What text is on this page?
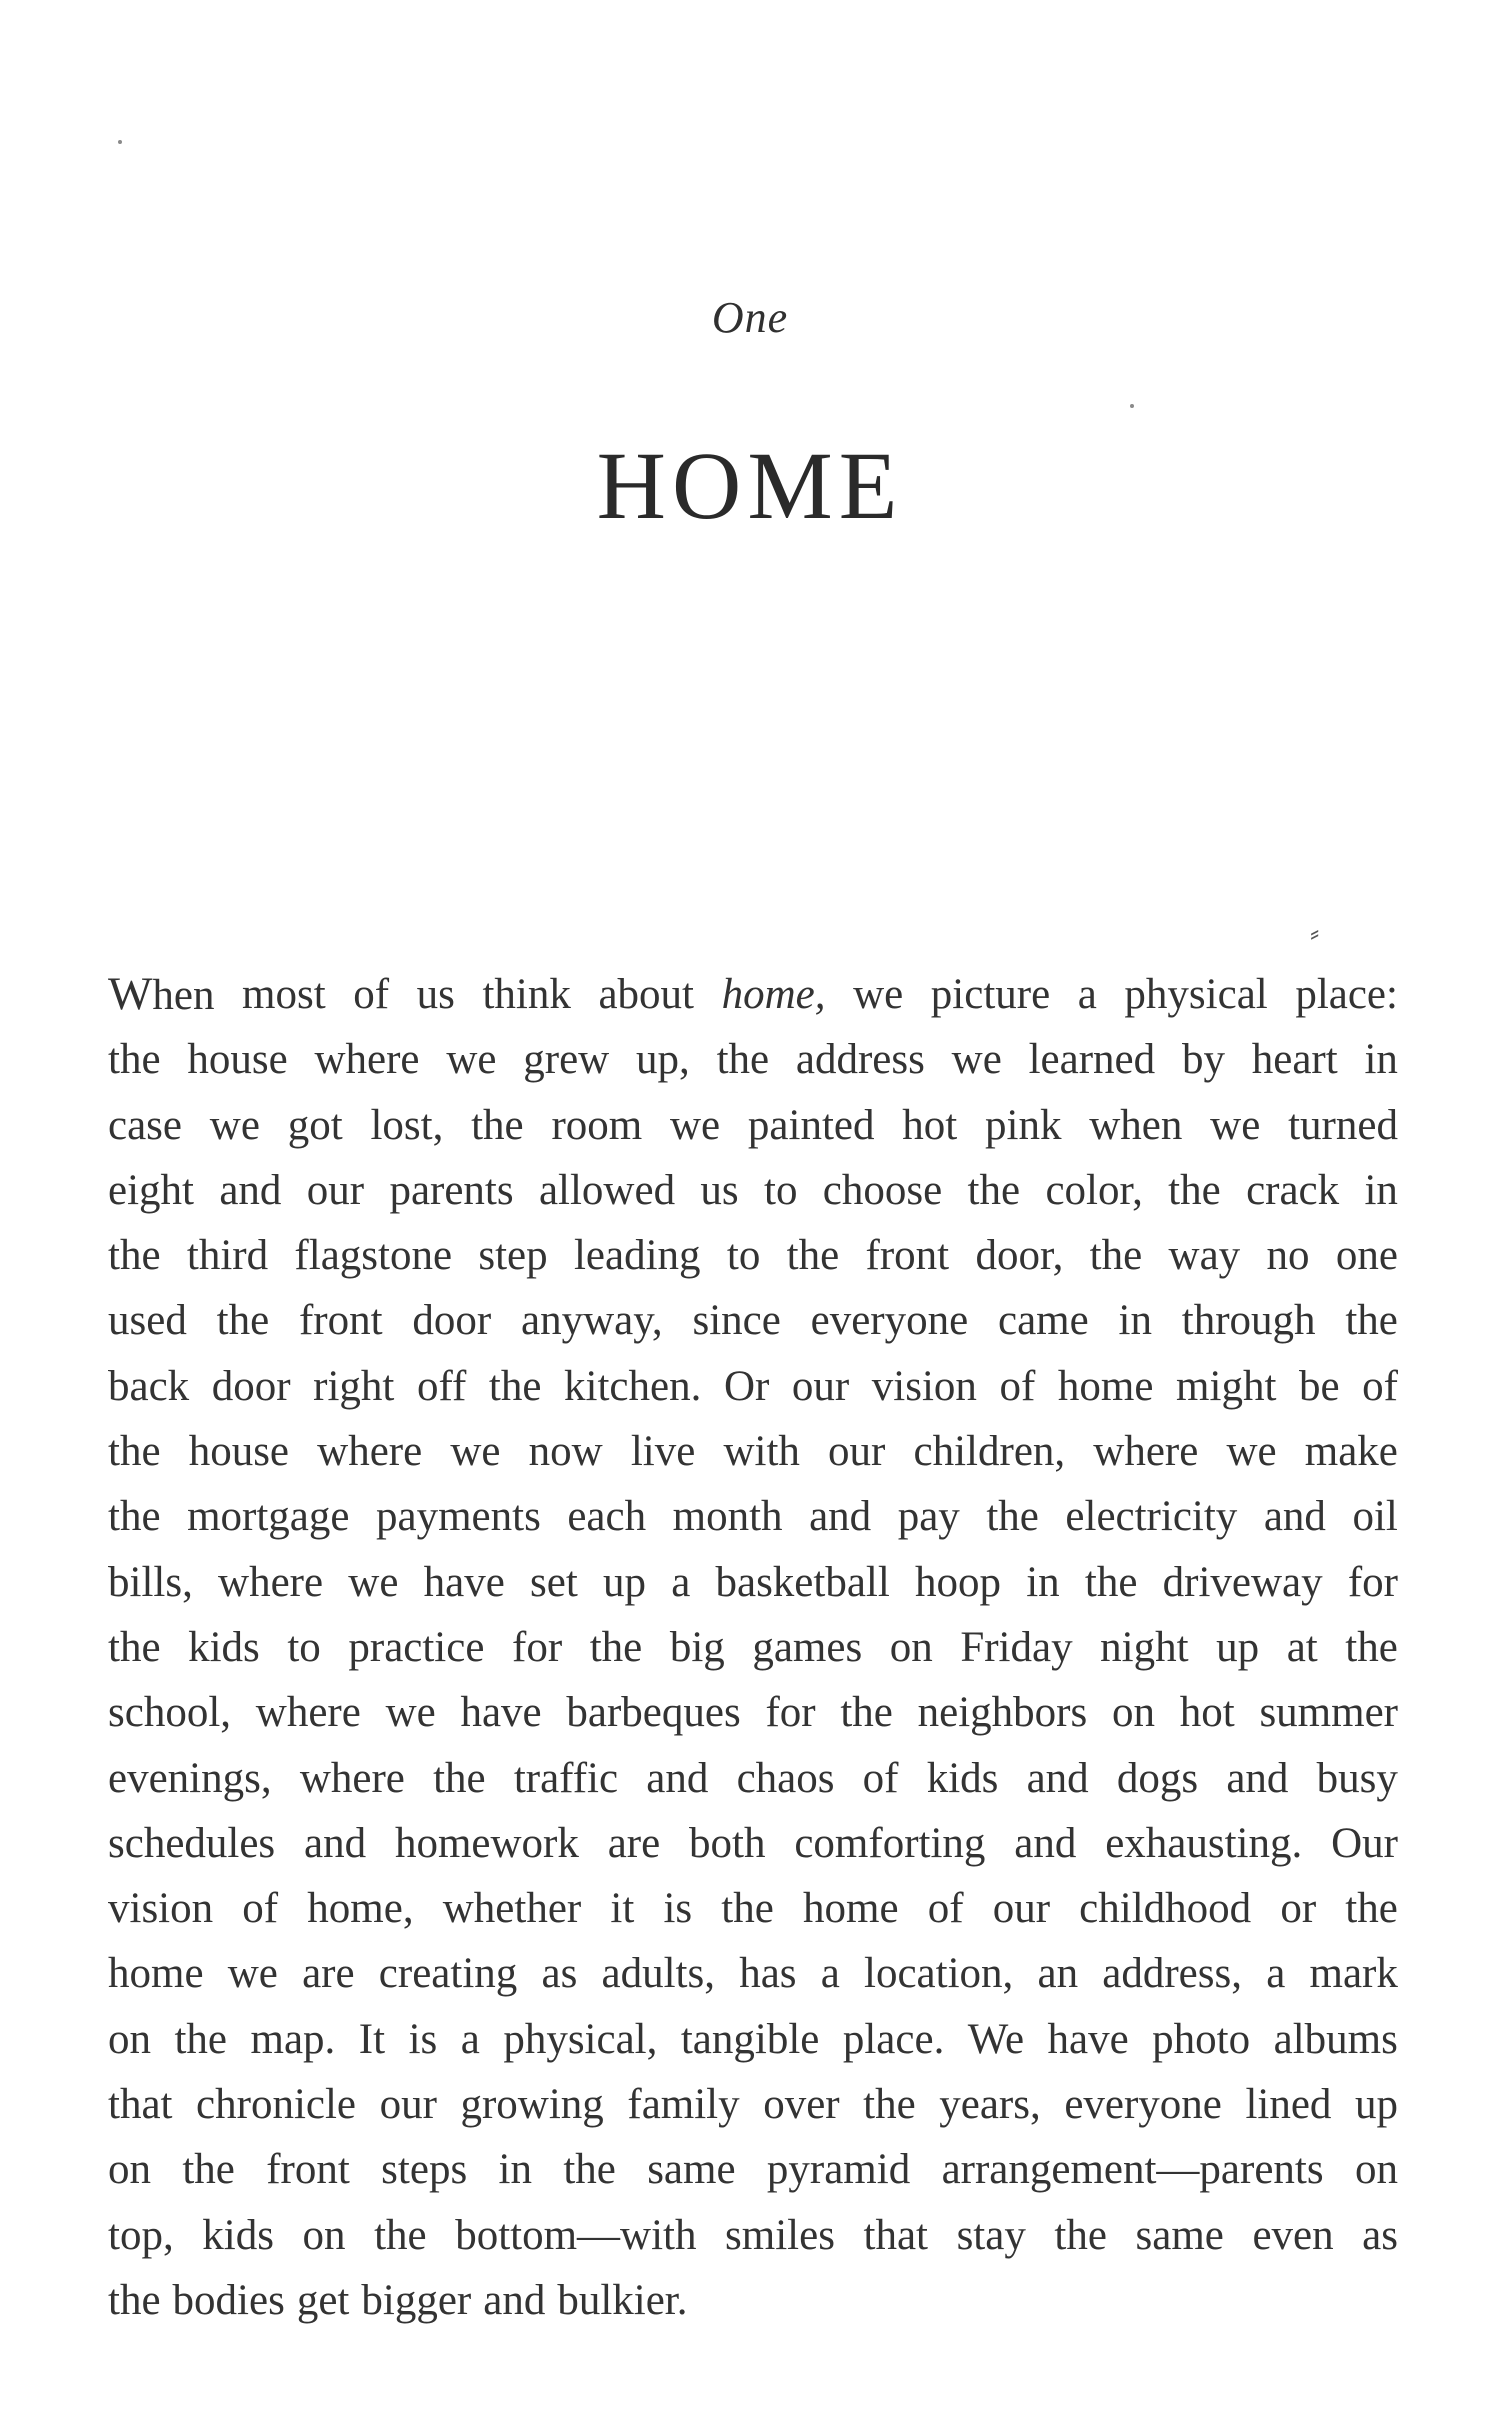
One
HOME
⸗
When most of us think about home, we picture a physical place:
the house where we grew up, the address we learned by heart in
case we got lost, the room we painted hot pink when we turned
eight and our parents allowed us to choose the color, the crack in
the third flagstone step leading to the front door, the way no one
used the front door anyway, since everyone came in through the
back door right off the kitchen. Or our vision of home might be of
the house where we now live with our children, where we make
the mortgage payments each month and pay the electricity and oil
bills, where we have set up a basketball hoop in the driveway for
the kids to practice for the big games on Friday night up at the
school, where we have barbeques for the neighbors on hot summer
evenings, where the traffic and chaos of kids and dogs and busy
schedules and homework are both comforting and exhausting. Our
vision of home, whether it is the home of our childhood or the
home we are creating as adults, has a location, an address, a mark
on the map. It is a physical, tangible place. We have photo albums
that chronicle our growing family over the years, everyone lined up
on the front steps in the same pyramid arrangement—parents on
top, kids on the bottom—with smiles that stay the same even as
the bodies get bigger and bulkier.
